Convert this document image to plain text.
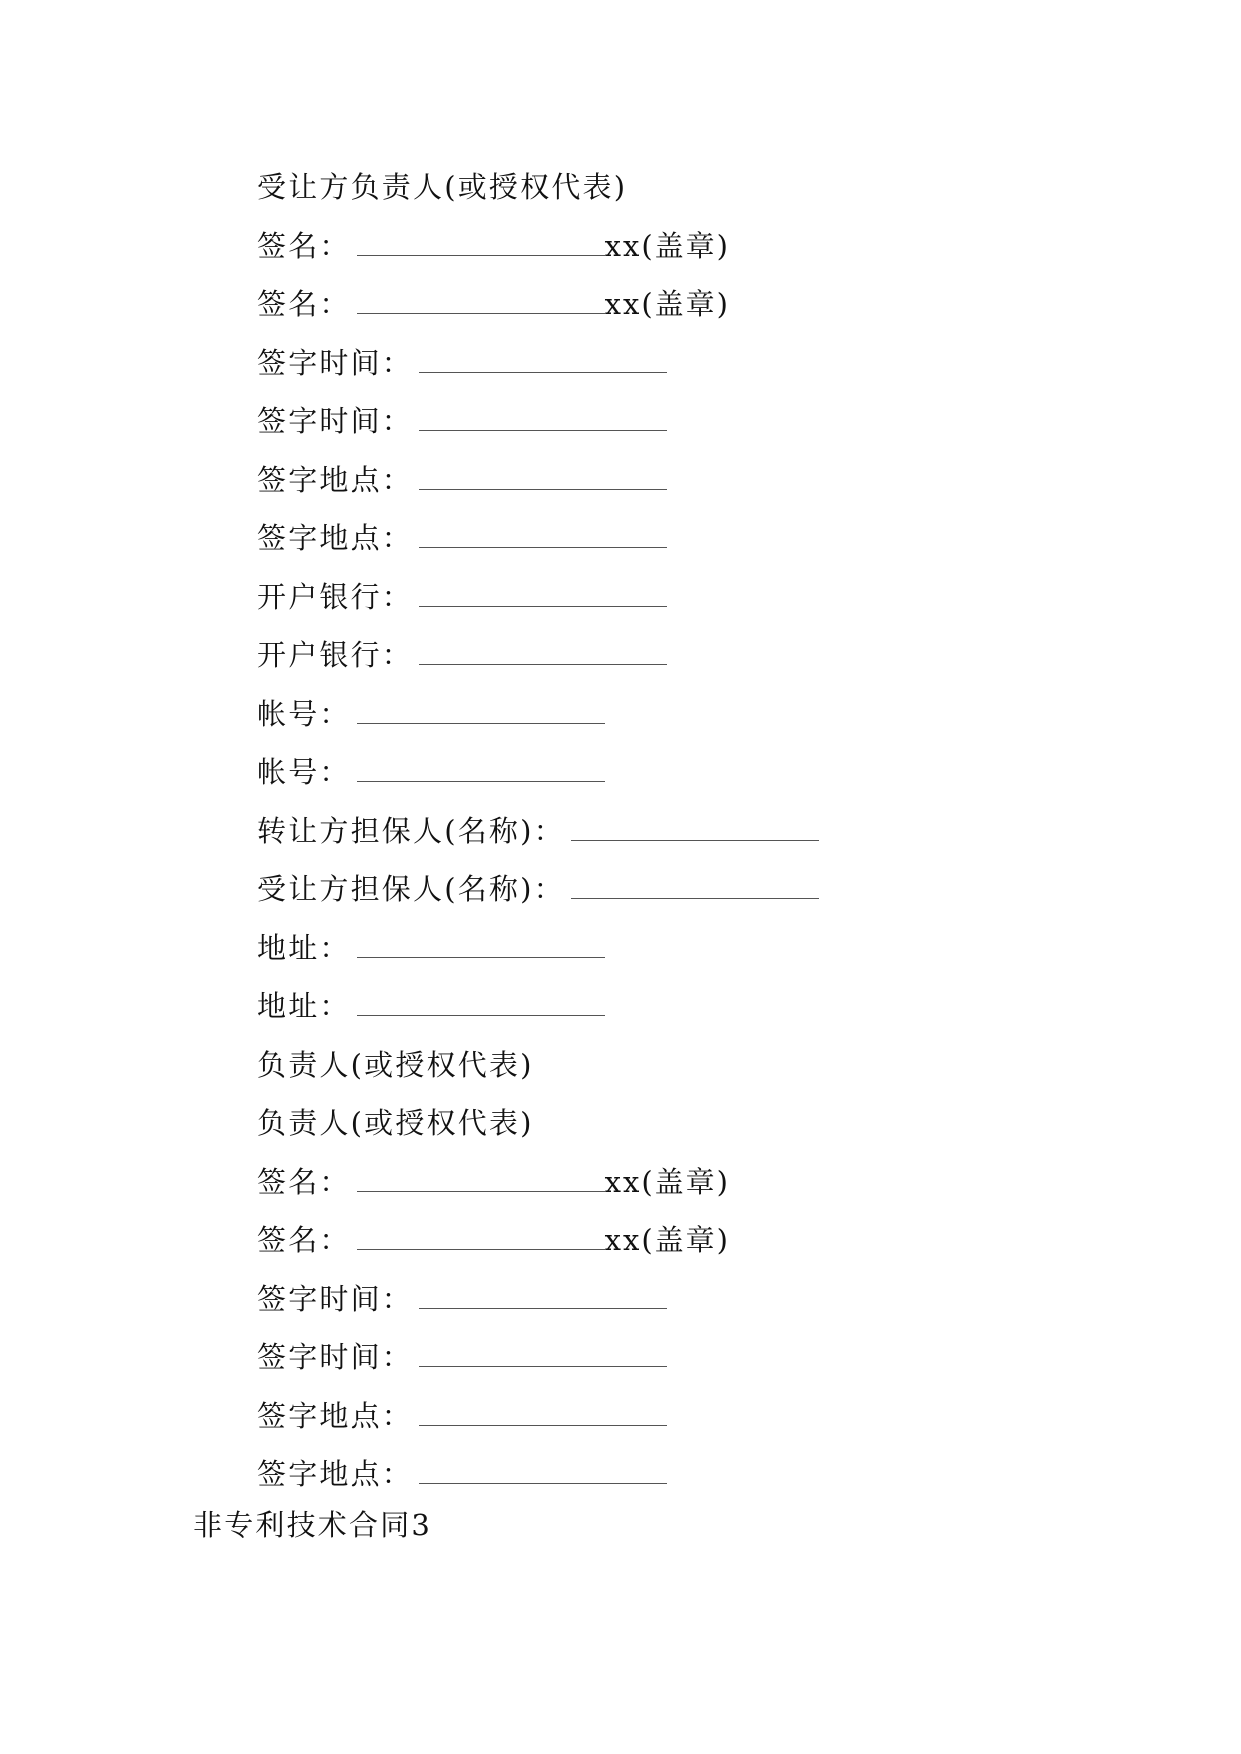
受让方负责人(或授权代表)
签名：	xx(盖章)
签名：	xx(盖章)
签字时间：
签字时间：
签字地点：
签字地点：
开户银行：
开户银行：
帐号：
帐号：
转让方担保人(名称)：
受让方担保人(名称)：
地址：
地址：
负责人(或授权代表)
负责人(或授权代表)
签名：	xx(盖章)
签名：	xx(盖章)
签字时间：
签字时间：
签字地点：
签字地点：
非专利技术合同3
